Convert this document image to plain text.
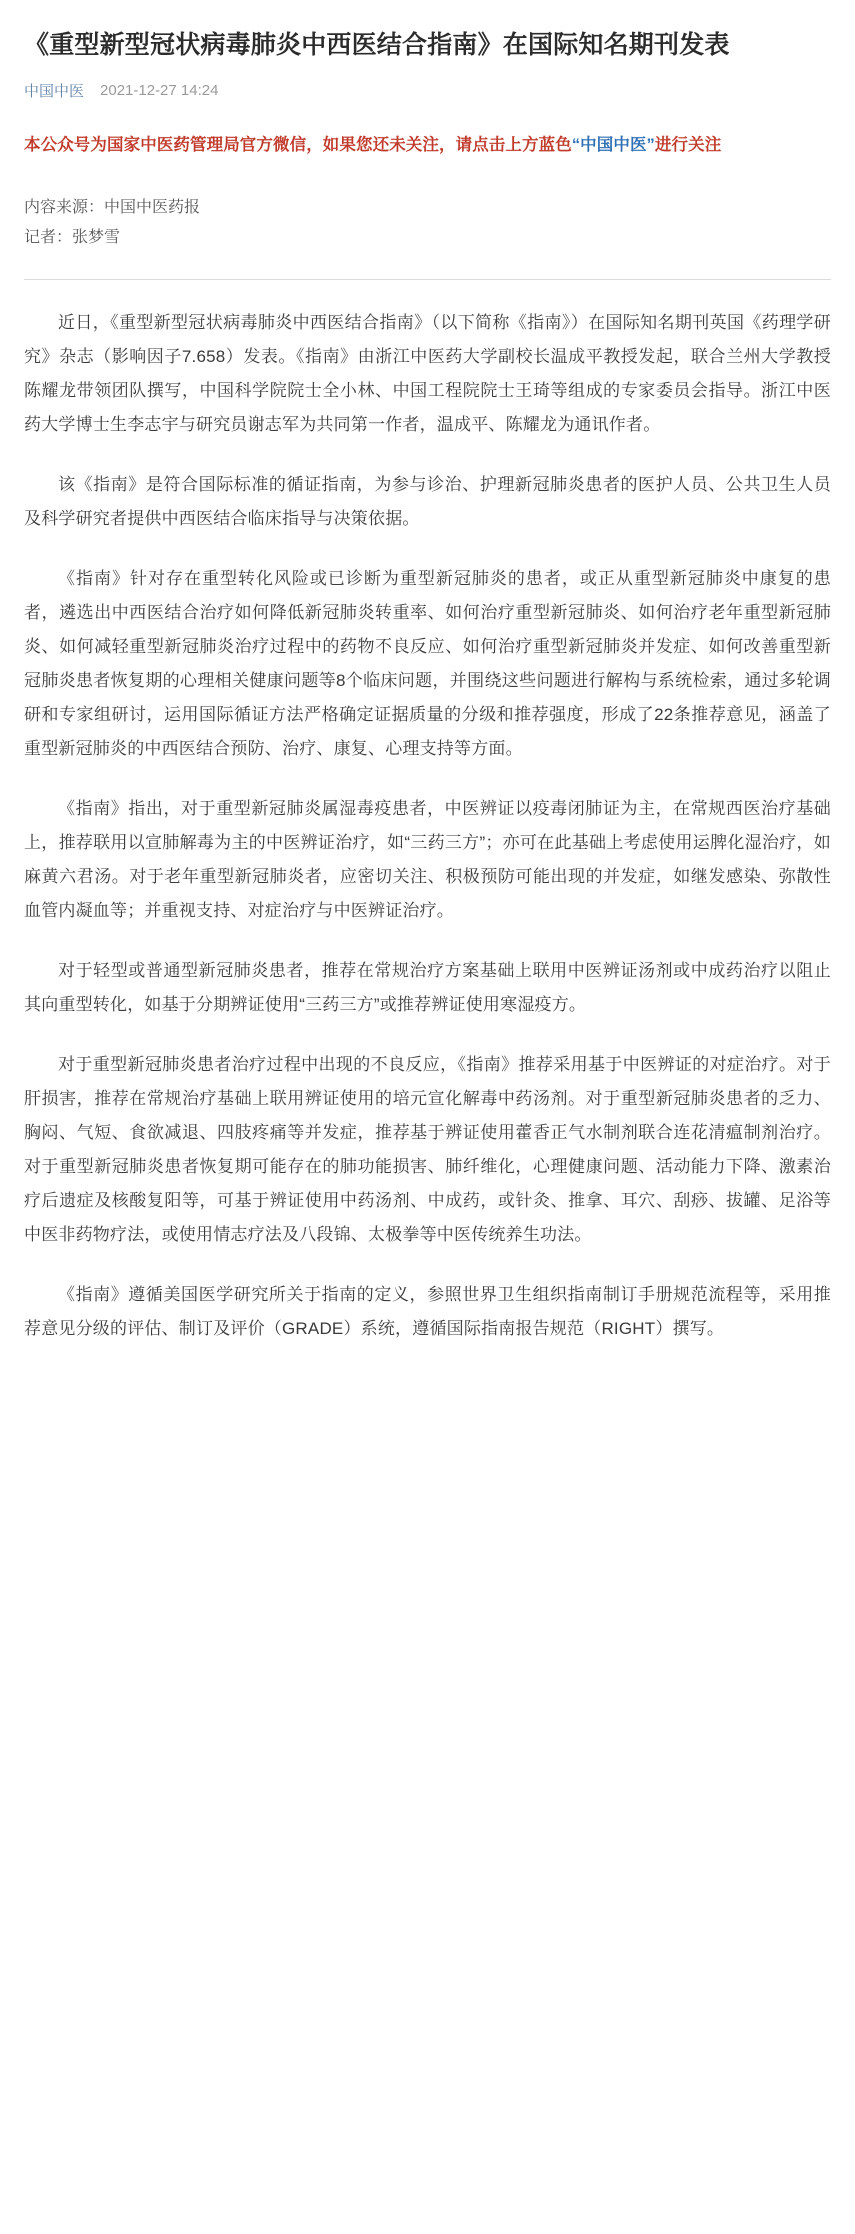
《重型新型冠状病毒肺炎中西医结合指南》在国际知名期刊发表
中国中医 2021-12-27 14:24

本公众号为国家中医药管理局官方微信，如果您还未关注，请点击上方蓝色“中国中医”进行关注

内容来源：中国中医药报
记者：张梦雪

近日，《重型新型冠状病毒肺炎中西医结合指南》（以下简称《指南》）在国际知名期刊英国《药理学研究》杂志（影响因子7.658）发表。《指南》由浙江中医药大学副校长温成平教授发起，联合兰州大学教授陈耀龙带领团队撰写，中国科学院院士全小林、中国工程院院士王琦等组成的专家委员会指导。浙江中医药大学博士生李志宇与研究员谢志军为共同第一作者，温成平、陈耀龙为通讯作者。

该《指南》是符合国际标准的循证指南，为参与诊治、护理新冠肺炎患者的医护人员、公共卫生人员及科学研究者提供中西医结合临床指导与决策依据。

《指南》针对存在重型转化风险或已诊断为重型新冠肺炎的患者，或正从重型新冠肺炎中康复的患者，遴选出中西医结合治疗如何降低新冠肺炎转重率、如何治疗重型新冠肺炎、如何治疗老年重型新冠肺炎、如何减轻重型新冠肺炎治疗过程中的药物不良反应、如何治疗重型新冠肺炎并发症、如何改善重型新冠肺炎患者恢复期的心理相关健康问题等8个临床问题，并围绕这些问题进行解构与系统检索，通过多轮调研和专家组研讨，运用国际循证方法严格确定证据质量的分级和推荐强度，形成了22条推荐意见，涵盖了重型新冠肺炎的中西医结合预防、治疗、康复、心理支持等方面。

《指南》指出，对于重型新冠肺炎属湿毒疫患者，中医辨证以疫毒闭肺证为主，在常规西医治疗基础上，推荐联用以宣肺解毒为主的中医辨证治疗，如“三药三方”；亦可在此基础上考虑使用运脾化湿治疗，如麻黄六君汤。对于老年重型新冠肺炎者，应密切关注、积极预防可能出现的并发症，如继发感染、弥散性血管内凝血等；并重视支持、对症治疗与中医辨证治疗。

对于轻型或普通型新冠肺炎患者，推荐在常规治疗方案基础上联用中医辨证汤剂或中成药治疗以阻止其向重型转化，如基于分期辨证使用“三药三方”或推荐辨证使用寒湿疫方。

对于重型新冠肺炎患者治疗过程中出现的不良反应，《指南》推荐采用基于中医辨证的对症治疗。对于肝损害，推荐在常规治疗基础上联用辨证使用的培元宣化解毒中药汤剂。对于重型新冠肺炎患者的乏力、胸闷、气短、食欲减退、四肢疼痛等并发症，推荐基于辨证使用藿香正气水制剂联合连花清瘟制剂治疗。对于重型新冠肺炎患者恢复期可能存在的肺功能损害、肺纤维化，心理健康问题、活动能力下降、激素治疗后遗症及核酸复阳等，可基于辨证使用中药汤剂、中成药，或针灸、推拿、耳穴、刮痧、拔罐、足浴等中医非药物疗法，或使用情志疗法及八段锦、太极拳等中医传统养生功法。

《指南》遵循美国医学研究所关于指南的定义，参照世界卫生组织指南制订手册规范流程等，采用推荐意见分级的评估、制订及评价（GRADE）系统，遵循国际指南报告规范（RIGHT）撰写。
